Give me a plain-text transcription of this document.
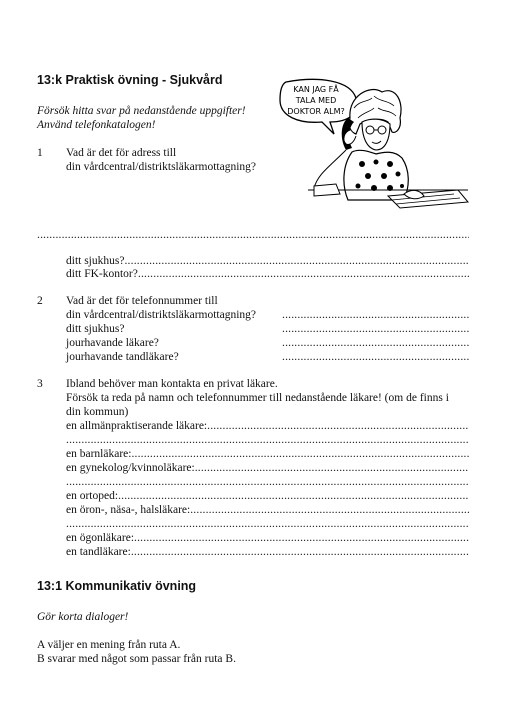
13:k Praktisk övning - Sjukvård
Försök hitta svar på nedanstående uppgifter!
Använd telefonkatalogen!
KAN JAG FÅ
TALA MED
DOKTOR ALM?
1 Vad är det för adress till
din vårdcentral/distriktsläkarmottagning?
.....
ditt sjukhus?
.....
ditt FK-kontor?
.....
2 Vad är det för telefonnummer till
din vårdcentral/distriktsläkarmottagning?
.....
ditt sjukhus?
.....
jourhavande läkare?
.....
jourhavande tandläkare?
.....
3 Ibland behöver man kontakta en privat läkare.
Försök ta reda på namn och telefonnummer till nedanstående läkare! (om de finns i
din kommun)
en allmänpraktiserande läkare:
.....
.....
en barnläkare:
.....
en gynekolog/kvinnoläkare:
.....
.....
en ortoped:
.....
en öron-, näsa-, halsläkare:
.....
.....
en ögonläkare:
.....
en tandläkare:
.....
13:1 Kommunikativ övning
Gör korta dialoger!
A väljer en mening från ruta A.
B svarar med något som passar från ruta B.
